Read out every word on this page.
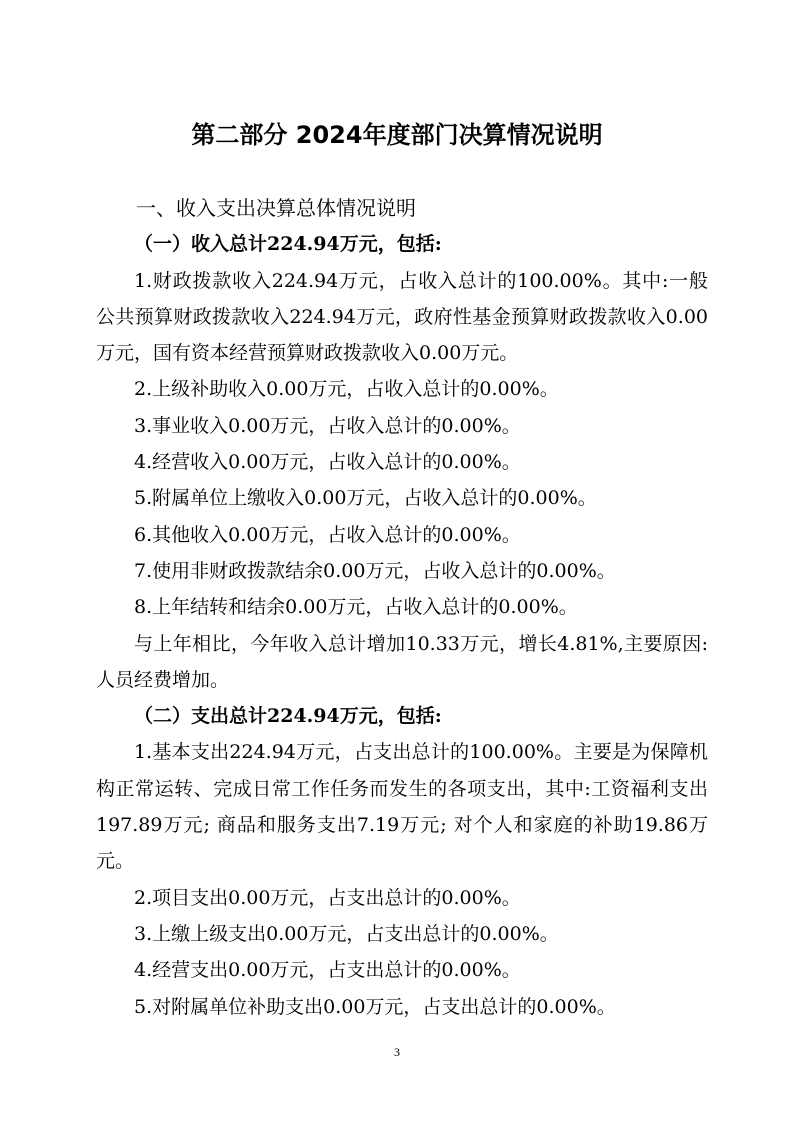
第二部分 2024年度部门决算情况说明

一、收入支出决算总体情况说明

（一）收入总计224.94万元，包括:

1.财政拨款收入224.94万元，占收入总计的100.00%。其中:一般公共预算财政拨款收入224.94万元，政府性基金预算财政拨款收入0.00万元，国有资本经营预算财政拨款收入0.00万元。

2.上级补助收入0.00万元，占收入总计的0.00%。

3.事业收入0.00万元，占收入总计的0.00%。

4.经营收入0.00万元，占收入总计的0.00%。

5.附属单位上缴收入0.00万元，占收入总计的0.00%。

6.其他收入0.00万元，占收入总计的0.00%。

7.使用非财政拨款结余0.00万元，占收入总计的0.00%。

8.上年结转和结余0.00万元，占收入总计的0.00%。

与上年相比，今年收入总计增加10.33万元，增长4.81%,主要原因: 人员经费增加。

（二）支出总计224.94万元，包括:

1.基本支出224.94万元，占支出总计的100.00%。主要是为保障机构正常运转、完成日常工作任务而发生的各项支出，其中:工资福利支出197.89万元; 商品和服务支出7.19万元; 对个人和家庭的补助19.86万元。

2.项目支出0.00万元，占支出总计的0.00%。

3.上缴上级支出0.00万元，占支出总计的0.00%。

4.经营支出0.00万元，占支出总计的0.00%。

5.对附属单位补助支出0.00万元，占支出总计的0.00%。

3
